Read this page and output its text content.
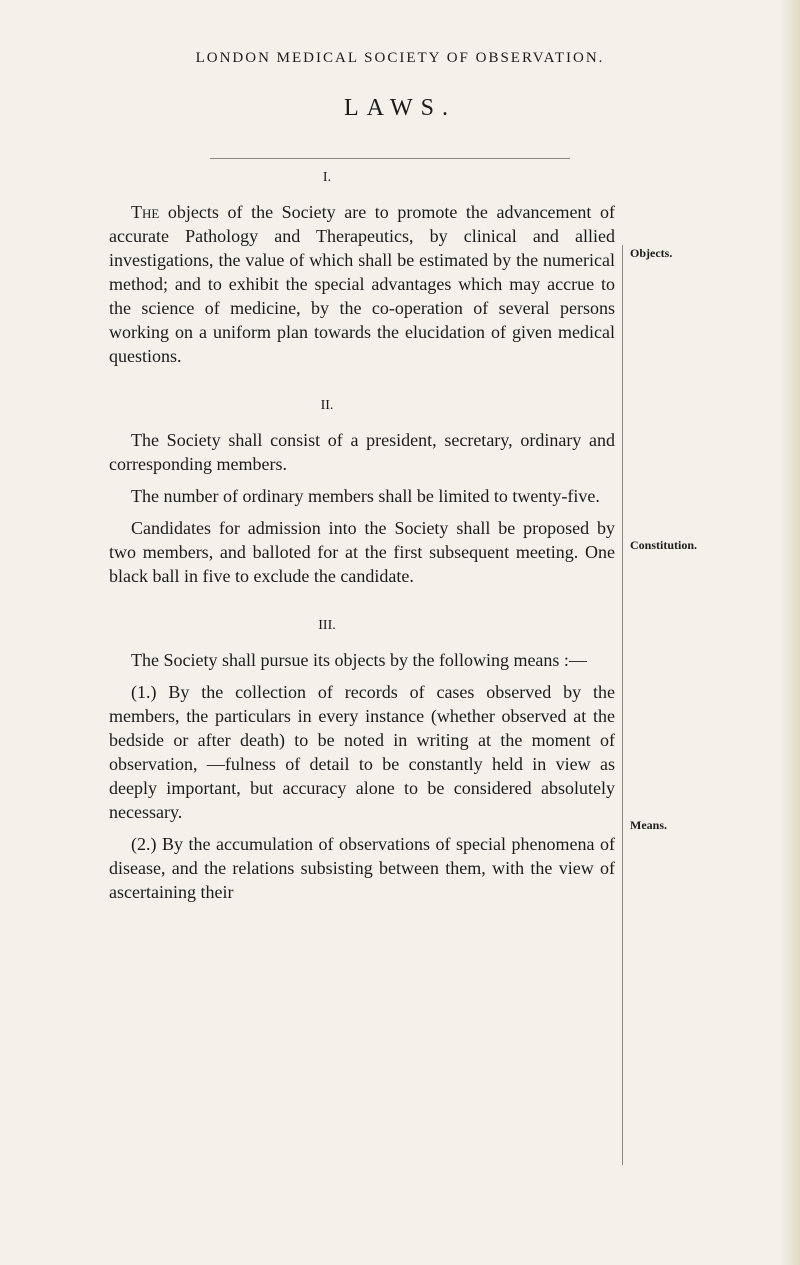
LONDON MEDICAL SOCIETY OF OBSERVATION.
LAWS.
I.

The objects of the Society are to promote the advancement of accurate Pathology and Therapeutics, by clinical and allied investigations, the value of which shall be estimated by the numerical method; and to exhibit the special advantages which may accrue to the science of medicine, by the co-operation of several persons working on a uniform plan towards the elucidation of given medical questions.

II.

The Society shall consist of a president, secretary, ordinary and corresponding members.

The number of ordinary members shall be limited to twenty-five.

Candidates for admission into the Society shall be proposed by two members, and balloted for at the first subsequent meeting. One black ball in five to exclude the candidate.

III.

The Society shall pursue its objects by the following means :—

(1.) By the collection of records of cases observed by the members, the particulars in every instance (whether observed at the bedside or after death) to be noted in writing at the moment of observation, —fulness of detail to be constantly held in view as deeply important, but accuracy alone to be considered absolutely necessary.

(2.) By the accumulation of observations of special phenomena of disease, and the relations subsisting between them, with the view of ascertaining their

Objects.
Constitution.
Means.
